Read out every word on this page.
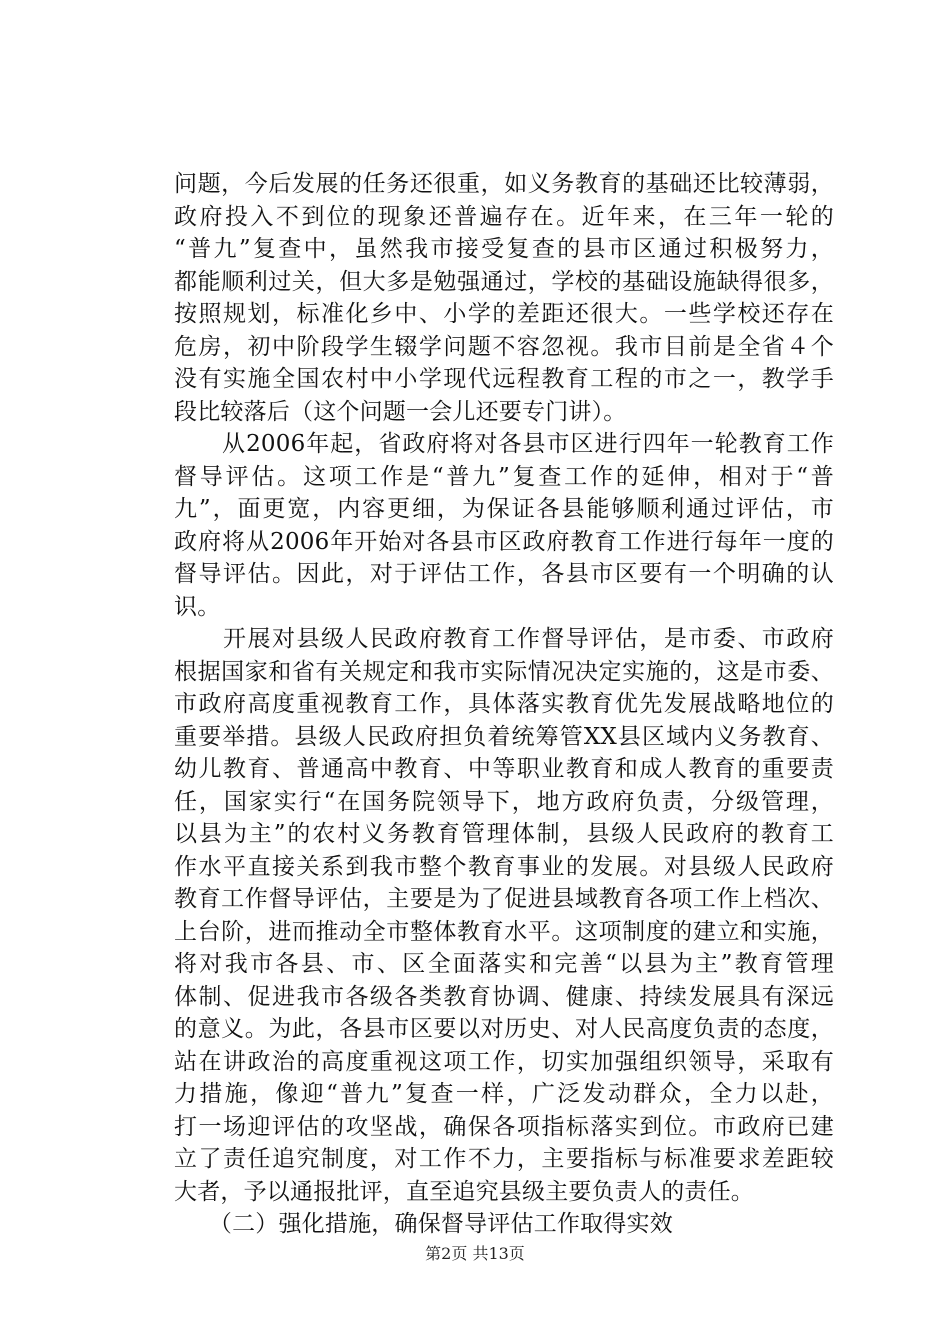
问题，今后发展的任务还很重，如义务教育的基础还比较薄弱，
政府投入不到位的现象还普遍存在。近年来，在三年一轮的
“普九”复查中，虽然我市接受复查的县市区通过积极努力，
都能顺利过关，但大多是勉强通过，学校的基础设施缺得很多，
按照规划，标准化乡中、小学的差距还很大。一些学校还存在
危房，初中阶段学生辍学问题不容忽视。我市目前是全省４个
没有实施全国农村中小学现代远程教育工程的市之一，教学手
段比较落后（这个问题一会儿还要专门讲）。
　　从2006年起，省政府将对各县市区进行四年一轮教育工作
督导评估。这项工作是“普九”复查工作的延伸，相对于“普
九”，面更宽，内容更细，为保证各县能够顺利通过评估，市
政府将从2006年开始对各县市区政府教育工作进行每年一度的
督导评估。因此，对于评估工作，各县市区要有一个明确的认
识。
　　开展对县级人民政府教育工作督导评估，是市委、市政府
根据国家和省有关规定和我市实际情况决定实施的，这是市委、
市政府高度重视教育工作，具体落实教育优先发展战略地位的
重要举措。县级人民政府担负着统筹管XX县区域内义务教育、
幼儿教育、普通高中教育、中等职业教育和成人教育的重要责
任，国家实行“在国务院领导下，地方政府负责，分级管理，
以县为主”的农村义务教育管理体制，县级人民政府的教育工
作水平直接关系到我市整个教育事业的发展。对县级人民政府
教育工作督导评估，主要是为了促进县域教育各项工作上档次、
上台阶，进而推动全市整体教育水平。这项制度的建立和实施，
将对我市各县、市、区全面落实和完善“以县为主”教育管理
体制、促进我市各级各类教育协调、健康、持续发展具有深远
的意义。为此，各县市区要以对历史、对人民高度负责的态度，
站在讲政治的高度重视这项工作，切实加强组织领导，采取有
力措施，像迎“普九”复查一样，广泛发动群众，全力以赴，
打一场迎评估的攻坚战，确保各项指标落实到位。市政府已建
立了责任追究制度，对工作不力，主要指标与标准要求差距较
大者，予以通报批评，直至追究县级主要负责人的责任。
　　（二）强化措施，确保督导评估工作取得实效
第2页 共13页
